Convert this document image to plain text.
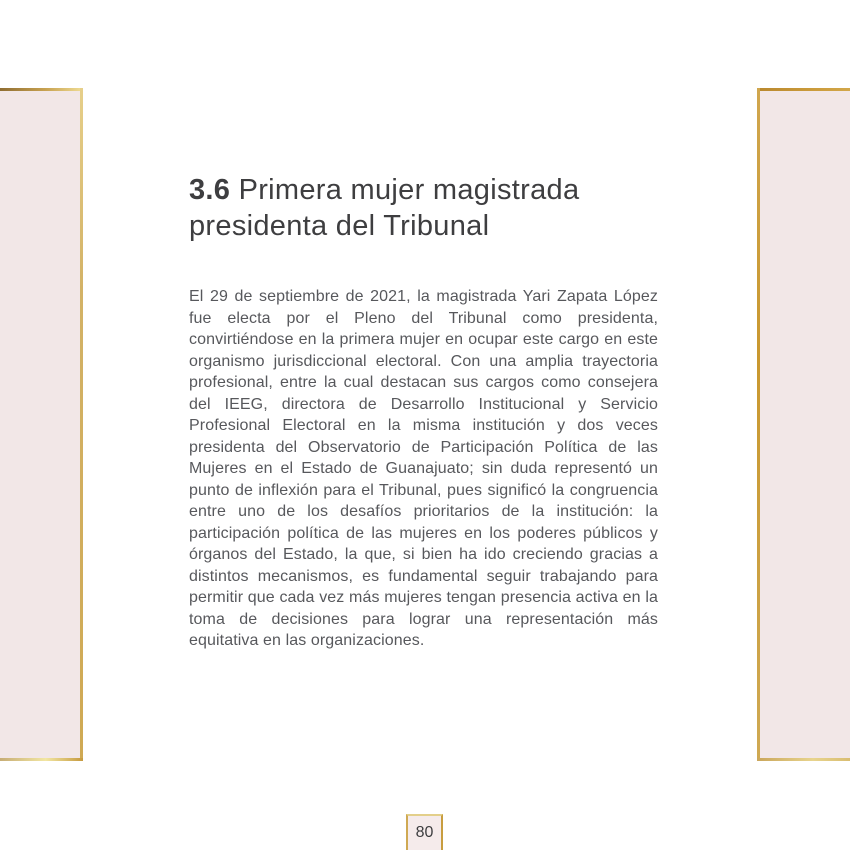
3.6 Primera mujer magistrada presidenta del Tribunal

El 29 de septiembre de 2021, la magistrada Yari Zapata López fue electa por el Pleno del Tribunal como presidenta, convirtiéndose en la primera mujer en ocupar este cargo en este organismo jurisdiccional electoral. Con una amplia trayectoria profesional, entre la cual destacan sus cargos como consejera del IEEG, directora de Desarrollo Institucional y Servicio Profesional Electoral en la misma institución y dos veces presidenta del Observatorio de Participación Política de las Mujeres en el Estado de Guanajuato; sin duda representó un punto de inflexión para el Tribunal, pues significó la congruencia entre uno de los desafíos prioritarios de la institución: la participación política de las mujeres en los poderes públicos y órganos del Estado, la que, si bien ha ido creciendo gracias a distintos mecanismos, es fundamental seguir trabajando para permitir que cada vez más mujeres tengan presencia activa en la toma de decisiones para lograr una representación más equitativa en las organizaciones.

80
